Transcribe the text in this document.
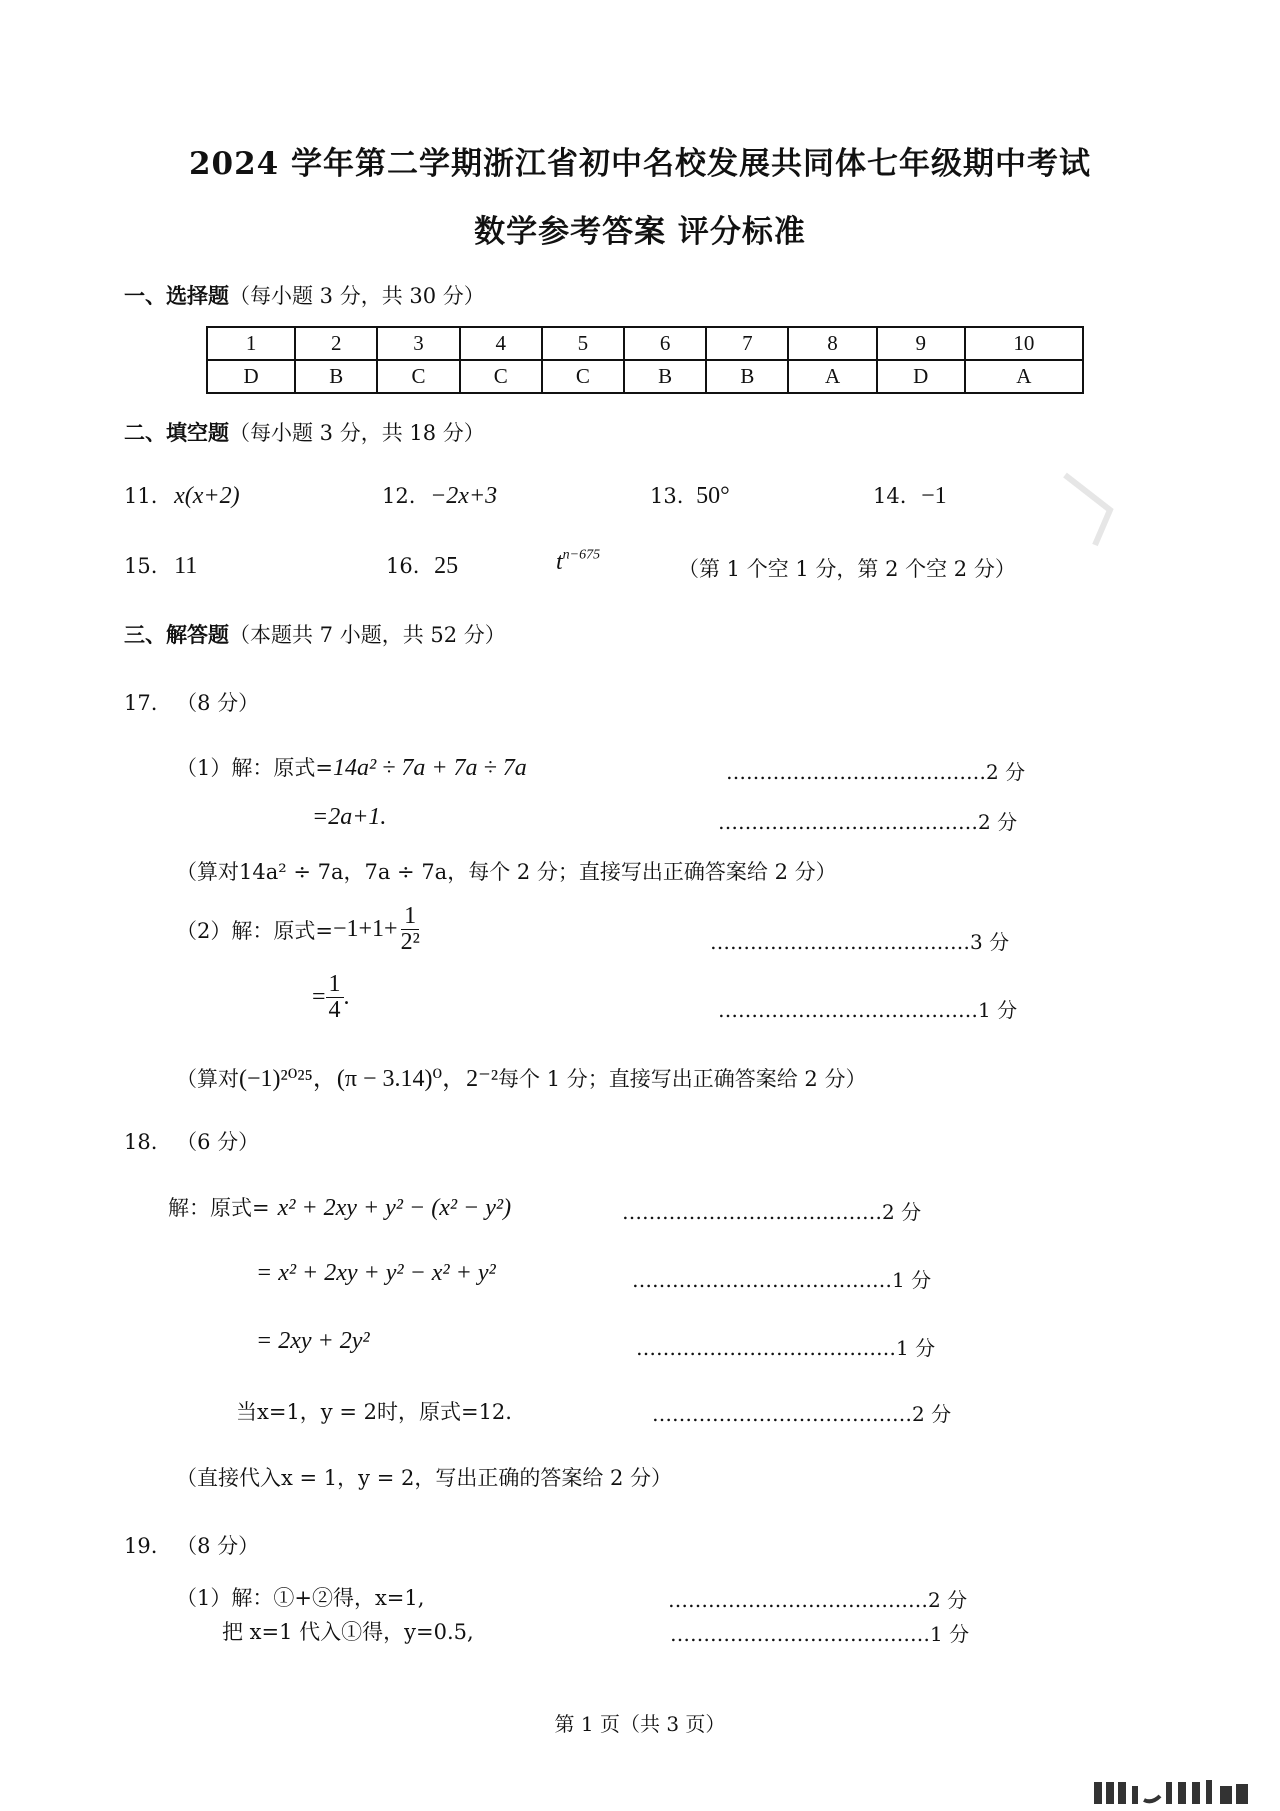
2024 学年第二学期浙江省初中名校发展共同体七年级期中考试
数学参考答案 评分标准
一、选择题（每小题 3 分，共 30 分）
1	2	3	4	5	6	7	8	9	10
D	B	C	C	C	B	B	A	D	A
二、填空题（每小题 3 分，共 18 分）
11. x(x+2)	12. −2x+3	13. 50°	14. −1
15. 11	16. 25	$t^{n-675}$
（第 1 个空 1 分，第 2 个空 2 分）
三、解答题（本题共 7 小题，共 52 分）
17. （8 分）
（1）解：原式=14a² ÷ 7a + 7a ÷ 7a	…………………………………2 分
=2a+1.	…………………………………2 分
（算对14a² ÷ 7a，7a ÷ 7a，每个 2 分；直接写出正确答案给 2 分）
（2）解：原式= $-1+1+ \frac{1}{\text{2²}}$	…………………………………3 分
= $\frac{1}{4}$ .	…………………………………1 分
（算对(−1)²⁰²⁵，(π − 3.14)⁰，2⁻²每个 1 分；直接写出正确答案给 2 分）
18. （6 分）
解：原式= x² + 2xy + y² − (x² − y²)	…………………………………2 分
= x² + 2xy + y² − x² + y²	…………………………………1 分
= 2xy + 2y²	…………………………………1 分
当x=1，y = 2时，原式=12.	…………………………………2 分
（直接代入x = 1，y = 2，写出正确的答案给 2 分）
19. （8 分）
（1）解：①+②得，x=1,	…………………………………2 分
把 x=1 代入①得，y=0.5,	…………………………………1 分
第 1 页（共 3 页）
